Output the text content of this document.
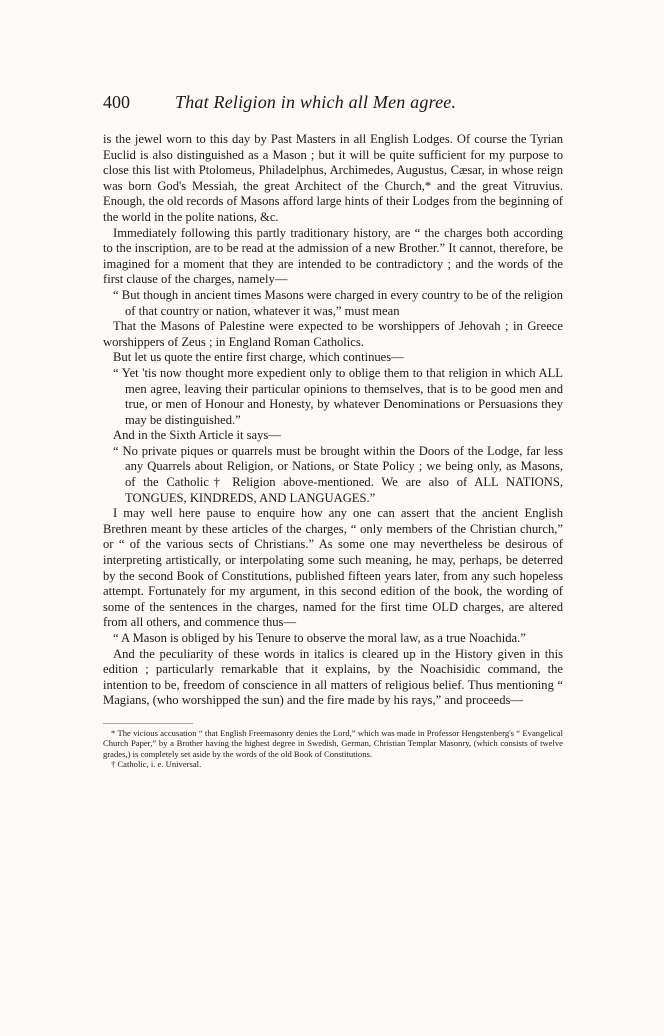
400	That Religion in which all Men agree.

is the jewel worn to this day by Past Masters in all English Lodges. Of course the Tyrian Euclid is also distinguished as a Mason ; but it will be quite sufficient for my purpose to close this list with Ptolomeus, Philadelphus, Archimedes, Augustus, Cæsar, in whose reign was born God's Messiah, the great Architect of the Church,* and the great Vitruvius. Enough, the old records of Masons afford large hints of their Lodges from the beginning of the world in the polite nations, &c.

Immediately following this partly traditionary history, are “ the charges both according to the inscription, are to be read at the admission of a new Brother.” It cannot, therefore, be imagined for a moment that they are intended to be contradictory ; and the words of the first clause of the charges, namely—

“ But though in ancient times Masons were charged in every country to be of the religion of that country or nation, whatever it was,” must mean

That the Masons of Palestine were expected to be worshippers of Jehovah ; in Greece worshippers of Zeus ; in England Roman Catholics.

But let us quote the entire first charge, which continues—

“ Yet 'tis now thought more expedient only to oblige them to that religion in which ALL men agree, leaving their particular opinions to themselves, that is to be good men and true, or men of Honour and Honesty, by whatever Denominations or Persuasions they may be distinguished.”

And in the Sixth Article it says—

“ No private piques or quarrels must be brought within the Doors of the Lodge, far less any Quarrels about Religion, or Nations, or State Policy ; we being only, as Masons, of the Catholic† Religion above-mentioned. We are also of ALL NATIONS, TONGUES, KINDREDS, AND LANGUAGES.”

I may well here pause to enquire how any one can assert that the ancient English Brethren meant by these articles of the charges, “ only members of the Christian church,” or “ of the various sects of Christians.” As some one may nevertheless be desirous of interpreting artistically, or interpolating some such meaning, he may, perhaps, be deterred by the second Book of Constitutions, published fifteen years later, from any such hopeless attempt. Fortunately for my argument, in this second edition of the book, the wording of some of the sentences in the charges, named for the first time OLD charges, are altered from all others, and commence thus—

“ A Mason is obliged by his Tenure to observe the moral law, as a true Noachida.”

And the peculiarity of these words in italics is cleared up in the History given in this edition ; particularly remarkable that it explains, by the Noachisidic command, the intention to be, freedom of conscience in all matters of religious belief. Thus mentioning “ Magians, (who worshipped the sun) and the fire made by his rays,” and proceeds—

* The vicious accusation “ that English Freemasonry denies the Lord,” which was made in Professor Hengstenberg's “ Evangelical Church Paper,” by a Brother having the highest degree in Swedish, German, Christian Templar Masonry, (which consists of twelve grades,) is completely set aside by the words of the old Book of Constitutions.

† Catholic, i. e. Universal.
